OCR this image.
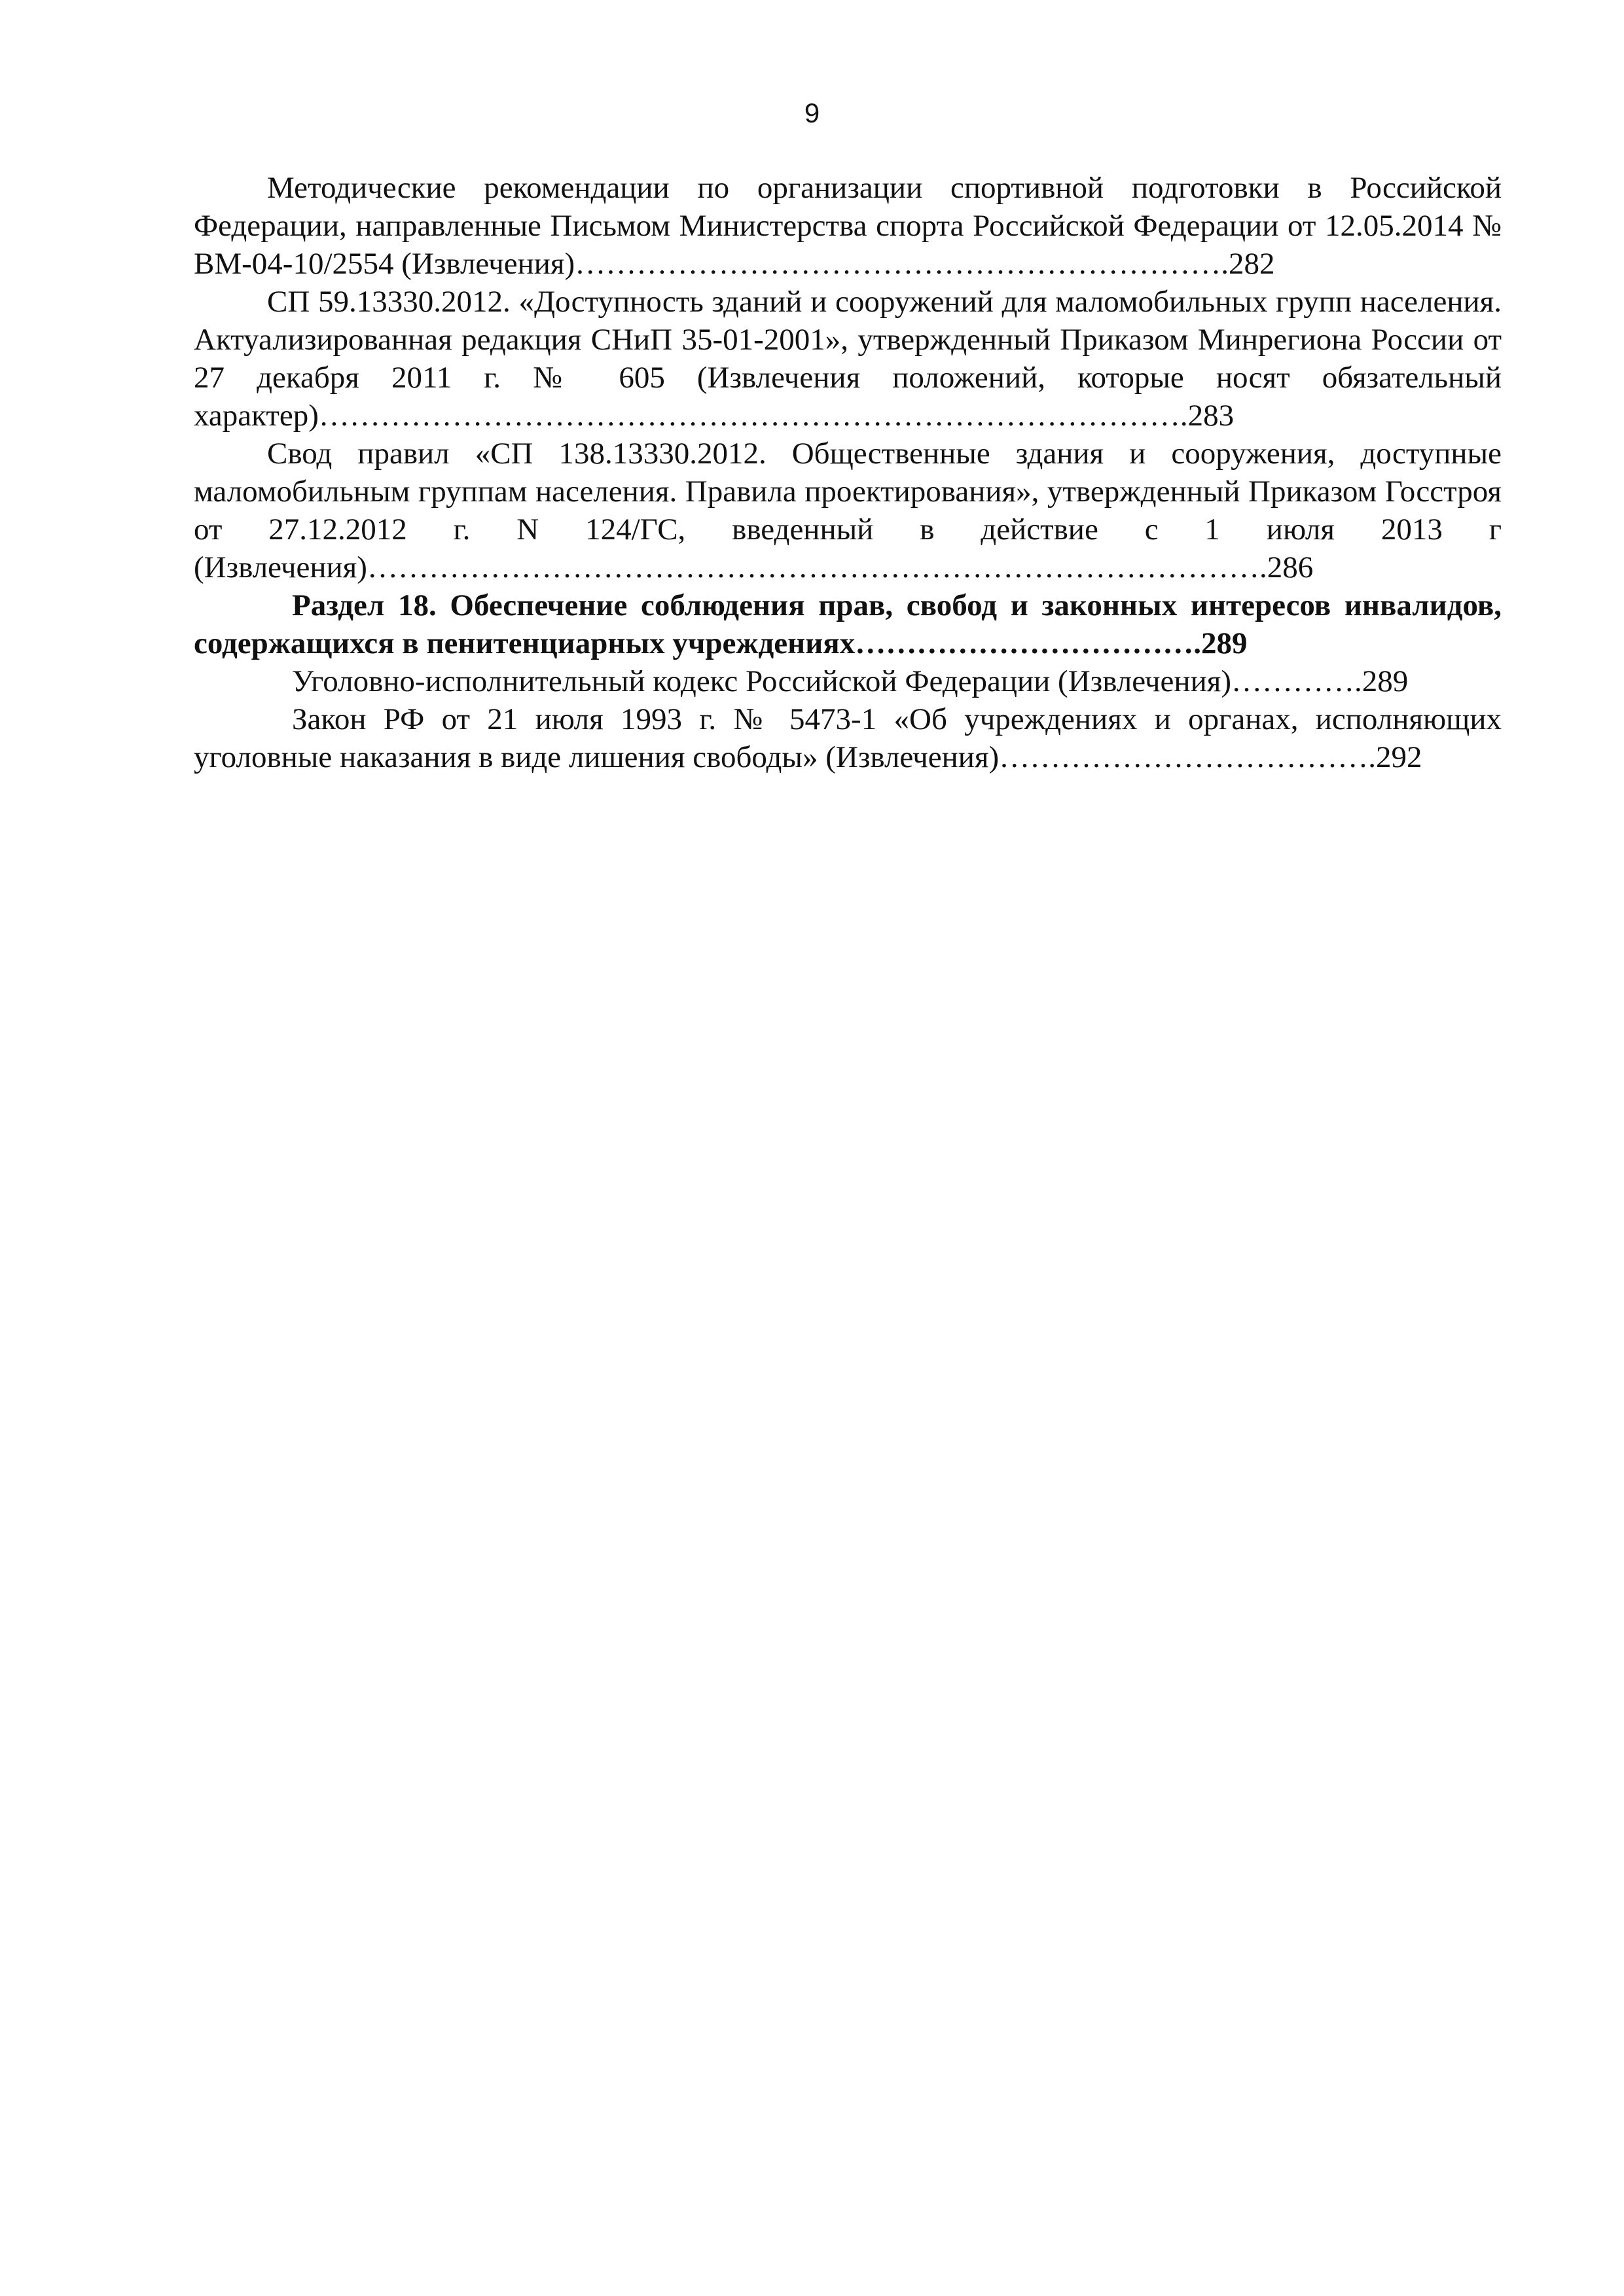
9

Методические рекомендации по организации спортивной подготовки в Российской Федерации, направленные Письмом Министерства спорта Российской Федерации от 12.05.2014 № ВМ-04-10/2554 (Извлечения)……………………………………………………….282

СП 59.13330.2012. «Доступность зданий и сооружений для маломобильных групп населения. Актуализированная редакция СНиП 35-01-2001», утвержденный Приказом Минрегиона России от 27 декабря 2011 г. № 605 (Извлечения положений, которые носят обязательный характер)………………………………………………………………………….283

Свод правил «СП 138.13330.2012. Общественные здания и сооружения, доступные маломобильным группам населения. Правила проектирования», утвержденный Приказом Госстроя от 27.12.2012 г. N 124/ГС, введенный в действие с 1 июля 2013 г (Извлечения)…………………………………………………………………………….286

Раздел 18. Обеспечение соблюдения прав, свобод и законных интересов инвалидов, содержащихся в пенитенциарных учреждениях…………………………….289

Уголовно-исполнительный кодекс Российской Федерации (Извлечения)………….289

Закон РФ от 21 июля 1993 г. № 5473-1 «Об учреждениях и органах, исполняющих уголовные наказания в виде лишения свободы» (Извлечения)……………………………….292
